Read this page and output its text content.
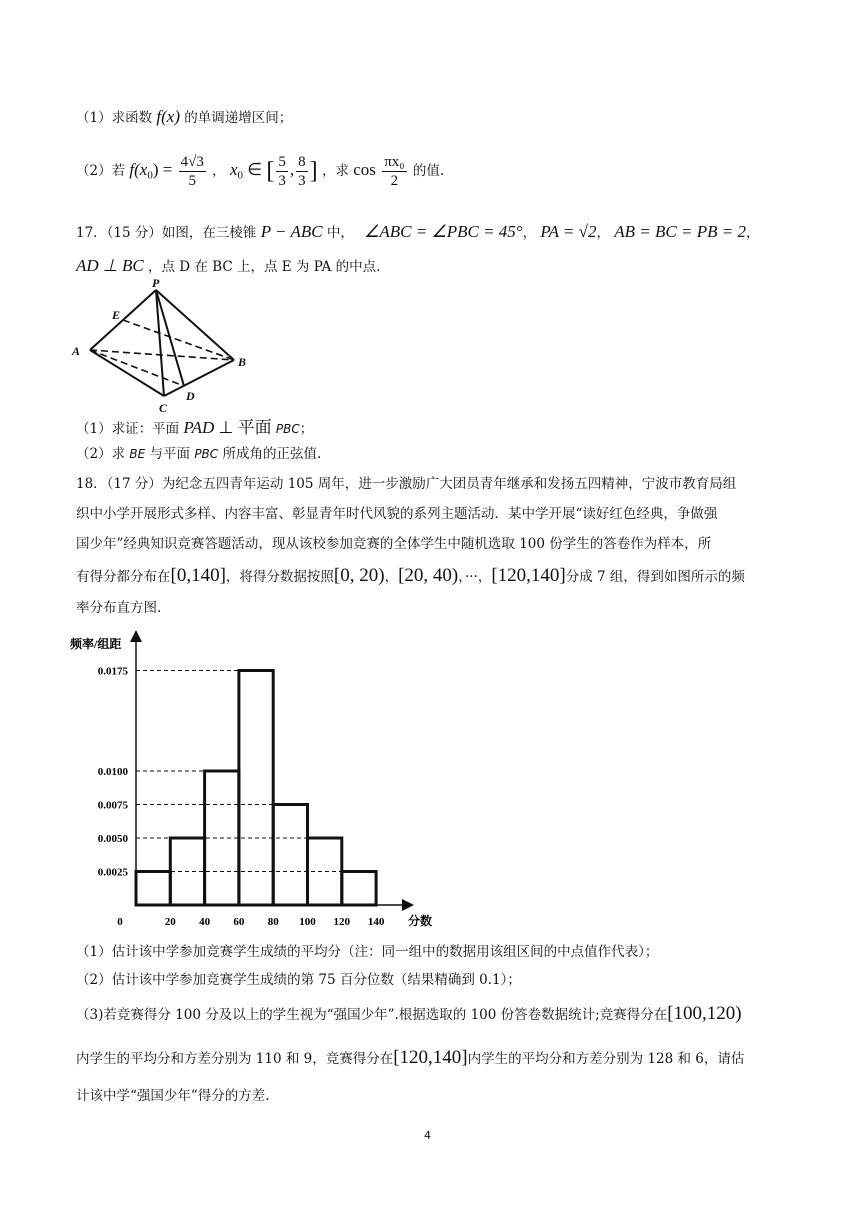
（1）求函数 f(x) 的单调递增区间；
（2）若 $f(x_0) = \frac{4√3}{5}$ ， $x_0$ ∈ [ $\frac{5}{3}$ , $\frac{8}{3}$ ] ，求 $\cos \frac{\text{πx₀}}{2}$ 的值.
17．（15 分）如图，在三棱锥 P − ABC 中， ∠ABC = ∠PBC = 45°， PA = √2， AB = BC = PB = 2，
AD ⊥ BC ，点 D 在 BC 上，点 E 为 PA 的中点.
P
E
A
B
C
D
（1）求证：平面 PAD ⊥ 平面 PBC；
（2）求 BE 与平面 PBC 所成角的正弦值.
18．（17 分）为纪念五四青年运动 105 周年，进一步激励广大团员青年继承和发扬五四精神，宁波市教育局组
织中小学开展形式多样、内容丰富、彰显青年时代风貌的系列主题活动．某中学开展“读好红色经典，争做强
国少年”经典知识竞赛答题活动，现从该校参加竞赛的全体学生中随机选取 100 份学生的答卷作为样本，所
有得分都分布在[0,140]，将得分数据按照[0, 20)，[20, 40)，···，[120,140]分成 7 组，得到如图所示的频
率分布直方图.
频率/组距
分数
0.0025
0.0050
0.0075
0.0100
0.0175
0	20 40 60 80 100 120 140
（1）估计该中学参加竞赛学生成绩的平均分（注：同一组中的数据用该组区间的中点值作代表）；
（2）估计该中学参加竞赛学生成绩的第 75 百分位数（结果精确到 0.1）；
（3)若竞赛得分 100 分及以上的学生视为“强国少年”.根据选取的 100 份答卷数据统计;竞赛得分在[100,120)
内学生的平均分和方差分别为 110 和 9，竞赛得分在[120,140]内学生的平均分和方差分别为 128 和 6，请估
计该中学“强国少年”得分的方差.
4
